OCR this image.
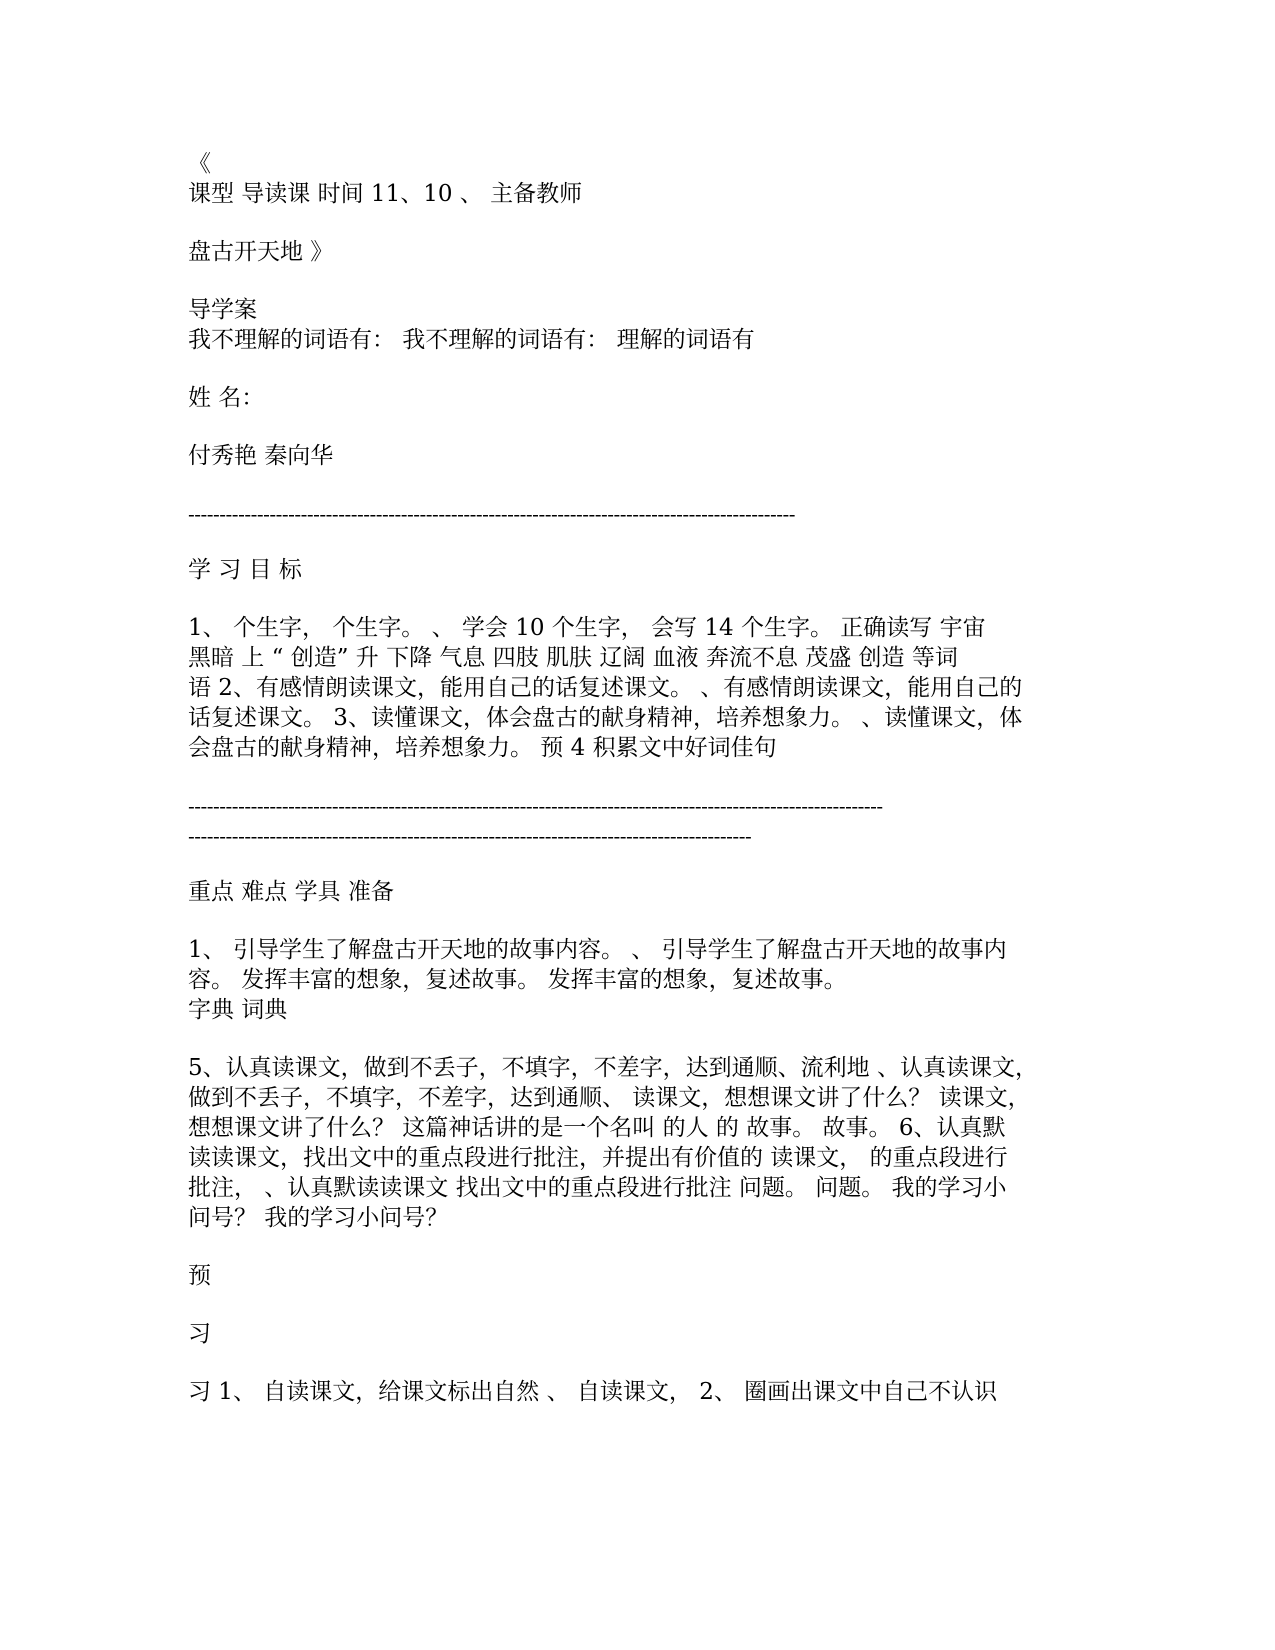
《
课型 导读课 时间 11、10 、 主备教师
盘古开天地 》
导学案
我不理解的词语有： 我不理解的词语有： 理解的词语有
姓 名：
付秀艳 秦向华
-------------------------------------------------------------------------------------------------
学 习 目 标
1、 个生字， 个生字。 、 学会 10 个生字， 会写 14 个生字。 正确读写 宇宙
黑暗 上 “ 创造” 升 下降 气息 四肢 肌肤 辽阔 血液 奔流不息 茂盛 创造 等词
语 2、有感情朗读课文，能用自己的话复述课文。 、有感情朗读课文，能用自己的
话复述课文。 3、读懂课文，体会盘古的献身精神，培养想象力。 、读懂课文，体
会盘古的献身精神，培养想象力。 预 4 积累文中好词佳句
---------------------------------------------------------------------------------------------------------------
------------------------------------------------------------------------------------------
重点 难点 学具 准备
1、 引导学生了解盘古开天地的故事内容。 、 引导学生了解盘古开天地的故事内
容。 发挥丰富的想象，复述故事。 发挥丰富的想象，复述故事。
字典 词典
5、认真读课文，做到不丢子，不填字，不差字，达到通顺、流利地 、认真读课文，
做到不丢子，不填字，不差字，达到通顺、 读课文，想想课文讲了什么？ 读课文，
想想课文讲了什么？ 这篇神话讲的是一个名叫 的人 的 故事。 故事。 6、认真默
读读课文，找出文中的重点段进行批注，并提出有价值的 读课文， 的重点段进行
批注， 、认真默读读课文 找出文中的重点段进行批注 问题。 问题。 我的学习小
问号？ 我的学习小问号？
预
习
习 1、 自读课文，给课文标出自然 、 自读课文， 2、 圈画出课文中自己不认识
